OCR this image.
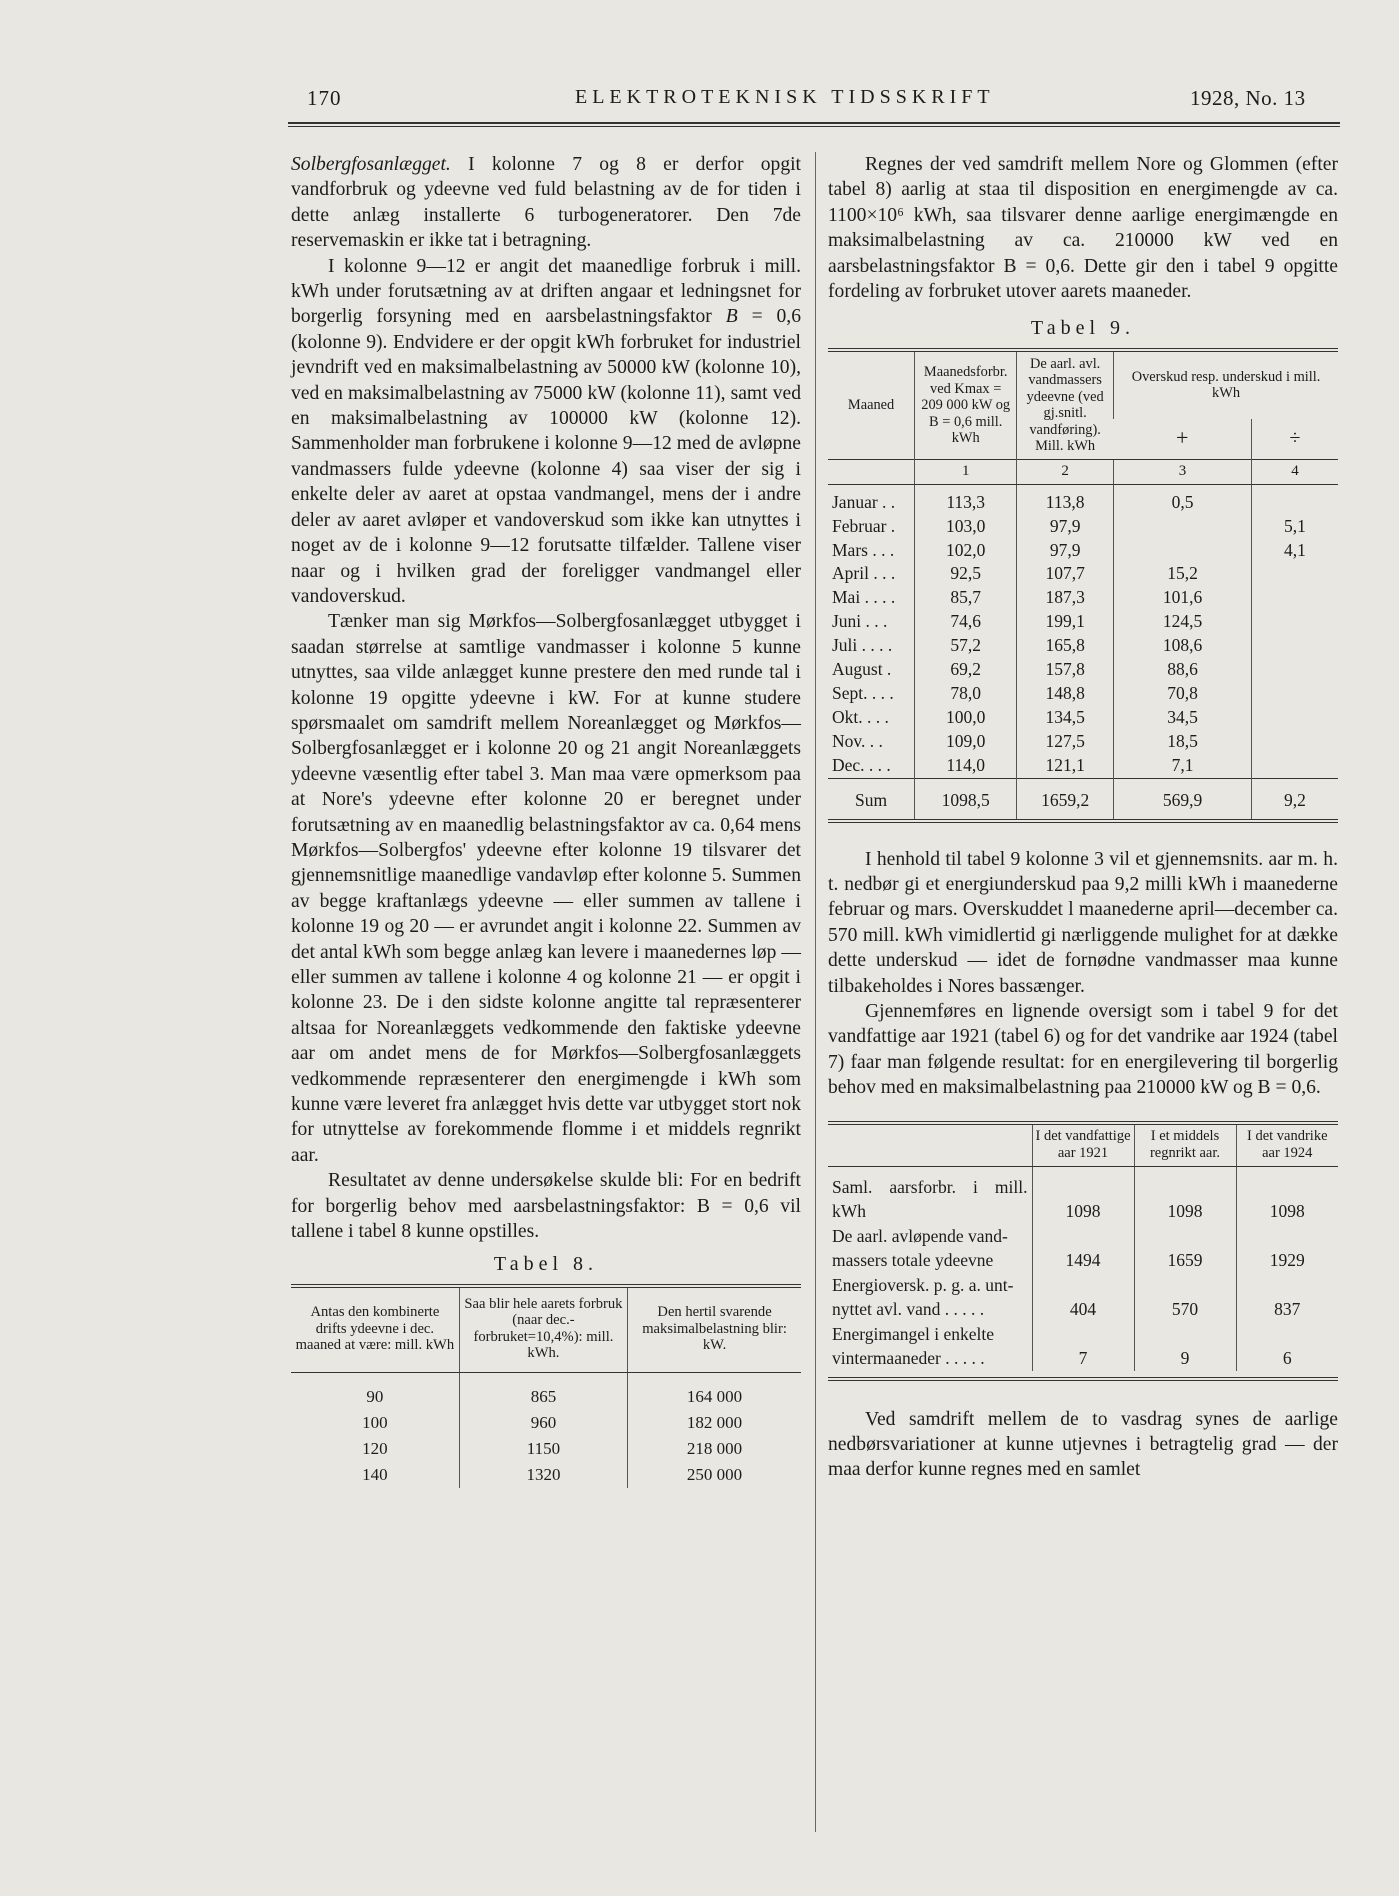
170	ELEKTROTEKNISK TIDSSKRIFT	1928, No. 13

Solbergfosanlægget. I kolonne 7 og 8 er derfor opgit vandforbruk og ydeevne ved fuld belastning av de for tiden i dette anlæg installerte 6 turbogeneratorer. Den 7de reservemaskin er ikke tat i betragning.

I kolonne 9—12 er angit det maanedlige forbruk i mill. kWh under forutsætning av at driften angaar et ledningsnet for borgerlig forsyning med en aarsbelastningsfaktor B = 0,6 (kolonne 9). Endvidere er der opgit kWh forbruket for industriel jevndrift ved en maksimalbelastning av 50000 kW (kolonne 10), ved en maksimalbelastning av 75000 kW (kolonne 11), samt ved en maksimalbelastning av 100000 kW (kolonne 12). Sammenholder man forbrukene i kolonne 9—12 med de avløpne vandmassers fulde ydeevne (kolonne 4) saa viser der sig i enkelte deler av aaret at opstaa vandmangel, mens der i andre deler av aaret avløper et vandoverskud som ikke kan utnyttes i noget av de i kolonne 9—12 forutsatte tilfælder. Tallene viser naar og i hvilken grad der foreligger vandmangel eller vandoverskud.

Tænker man sig Mørkfos—Solbergfosanlægget utbygget i saadan størrelse at samtlige vandmasser i kolonne 5 kunne utnyttes, saa vilde anlægget kunne prestere den med runde tal i kolonne 19 opgitte ydeevne i kW. For at kunne studere spørsmaalet om samdrift mellem Noreanlægget og Mørkfos—Solbergfosanlægget er i kolonne 20 og 21 angit Noreanlæggets ydeevne væsentlig efter tabel 3. Man maa være opmerksom paa at Nore's ydeevne efter kolonne 20 er beregnet under forutsætning av en maanedlig belastningsfaktor av ca. 0,64 mens Mørkfos—Solbergfos' ydeevne efter kolonne 19 tilsvarer det gjennemsnitlige maanedlige vandavløp efter kolonne 5. Summen av begge kraftanlægs ydeevne — eller summen av tallene i kolonne 19 og 20 — er avrundet angit i kolonne 22. Summen av det antal kWh som begge anlæg kan levere i maanedernes løp — eller summen av tallene i kolonne 4 og kolonne 21 — er opgit i kolonne 23. De i den sidste kolonne angitte tal repræsenterer altsaa for Noreanlæggets vedkommende den faktiske ydeevne aar om andet mens de for Mørkfos—Solbergfosanlæggets vedkommende repræsenterer den energimengde i kWh som kunne være leveret fra anlægget hvis dette var utbygget stort nok for utnyttelse av forekommende flomme i et middels regnrikt aar.

Resultatet av denne undersøkelse skulde bli: For en bedrift for borgerlig behov med aarsbelastningsfaktor: B = 0,6 vil tallene i tabel 8 kunne opstilles.

Tabel 8.
Antas den kombinerte drifts ydeevne i dec. maaned at være: mill. kWh	Saa blir hele aarets forbruk (naar dec.-forbruket=10,4%): mill. kWh.	Den hertil svarende maksimalbelastning blir: kW.
90	865	164 000
100	960	182 000
120	1150	218 000
140	1320	250 000

Regnes der ved samdrift mellem Nore og Glommen (efter tabel 8) aarlig at staa til disposition en energimengde av ca. 1100×10⁶ kWh, saa tilsvarer denne aarlige energimængde en maksimalbelastning av ca. 210000 kW ved en aarsbelastningsfaktor B = 0,6. Dette gir den i tabel 9 opgitte fordeling av forbruket utover aarets maaneder.

Tabel 9.
Maaned	Maanedsforbr. ved Kmax = 209 000 kW og B = 0,6 mill. kWh	De aarl. avl. vandmassers ydeevne (ved gj.snitl. vandføring). Mill. kWh	Overskud resp. underskud i mill. kWh	
			+	÷
	1	2	3	4
Januar . .	113,3	113,8	0,5	
Februar .	103,0	97,9		5,1
Mars . . .	102,0	97,9		4,1
April . . .	92,5	107,7	15,2	
Mai . . . .	85,7	187,3	101,6	
Juni . . .	74,6	199,1	124,5	
Juli . . . .	57,2	165,8	108,6	
August .	69,2	157,8	88,6	
Sept. . . .	78,0	148,8	70,8	
Okt. . . .	100,0	134,5	34,5	
Nov. . .	109,0	127,5	18,5	
Dec. . . .	114,0	121,1	7,1	
Sum	1098,5	1659,2	569,9	9,2

I henhold til tabel 9 kolonne 3 vil et gjennemsnits. aar m. h. t. nedbør gi et energiunderskud paa 9,2 milli kWh i maanederne februar og mars. Overskuddet l maanederne april—december ca. 570 mill. kWh vimidlertid gi nærliggende mulighet for at dække dette underskud — idet de fornødne vandmasser maa kunne tilbakeholdes i Nores bassænger.

Gjennemføres en lignende oversigt som i tabel 9 for det vandfattige aar 1921 (tabel 6) og for det vandrike aar 1924 (tabel 7) faar man følgende resultat: for en energilevering til borgerlig behov med en maksimalbelastning paa 210000 kW og B = 0,6.

	I det vandfattige aar 1921	I et middels regnrikt aar.	I det vandrike aar 1924
Saml. aarsforbr. i mill. kWh	1098	1098	1098
De aarl. avløpende vand-			
massers totale ydeevne	1494	1659	1929
Energioversk. p. g. a. unt-			
nyttet avl. vand . . . . .	404	570	837
Energimangel i enkelte			
vintermaaneder . . . . .	7	9	6

Ved samdrift mellem de to vasdrag synes de aarlige nedbørsvariationer at kunne utjevnes i betragtelig grad — der maa derfor kunne regnes med en samlet
